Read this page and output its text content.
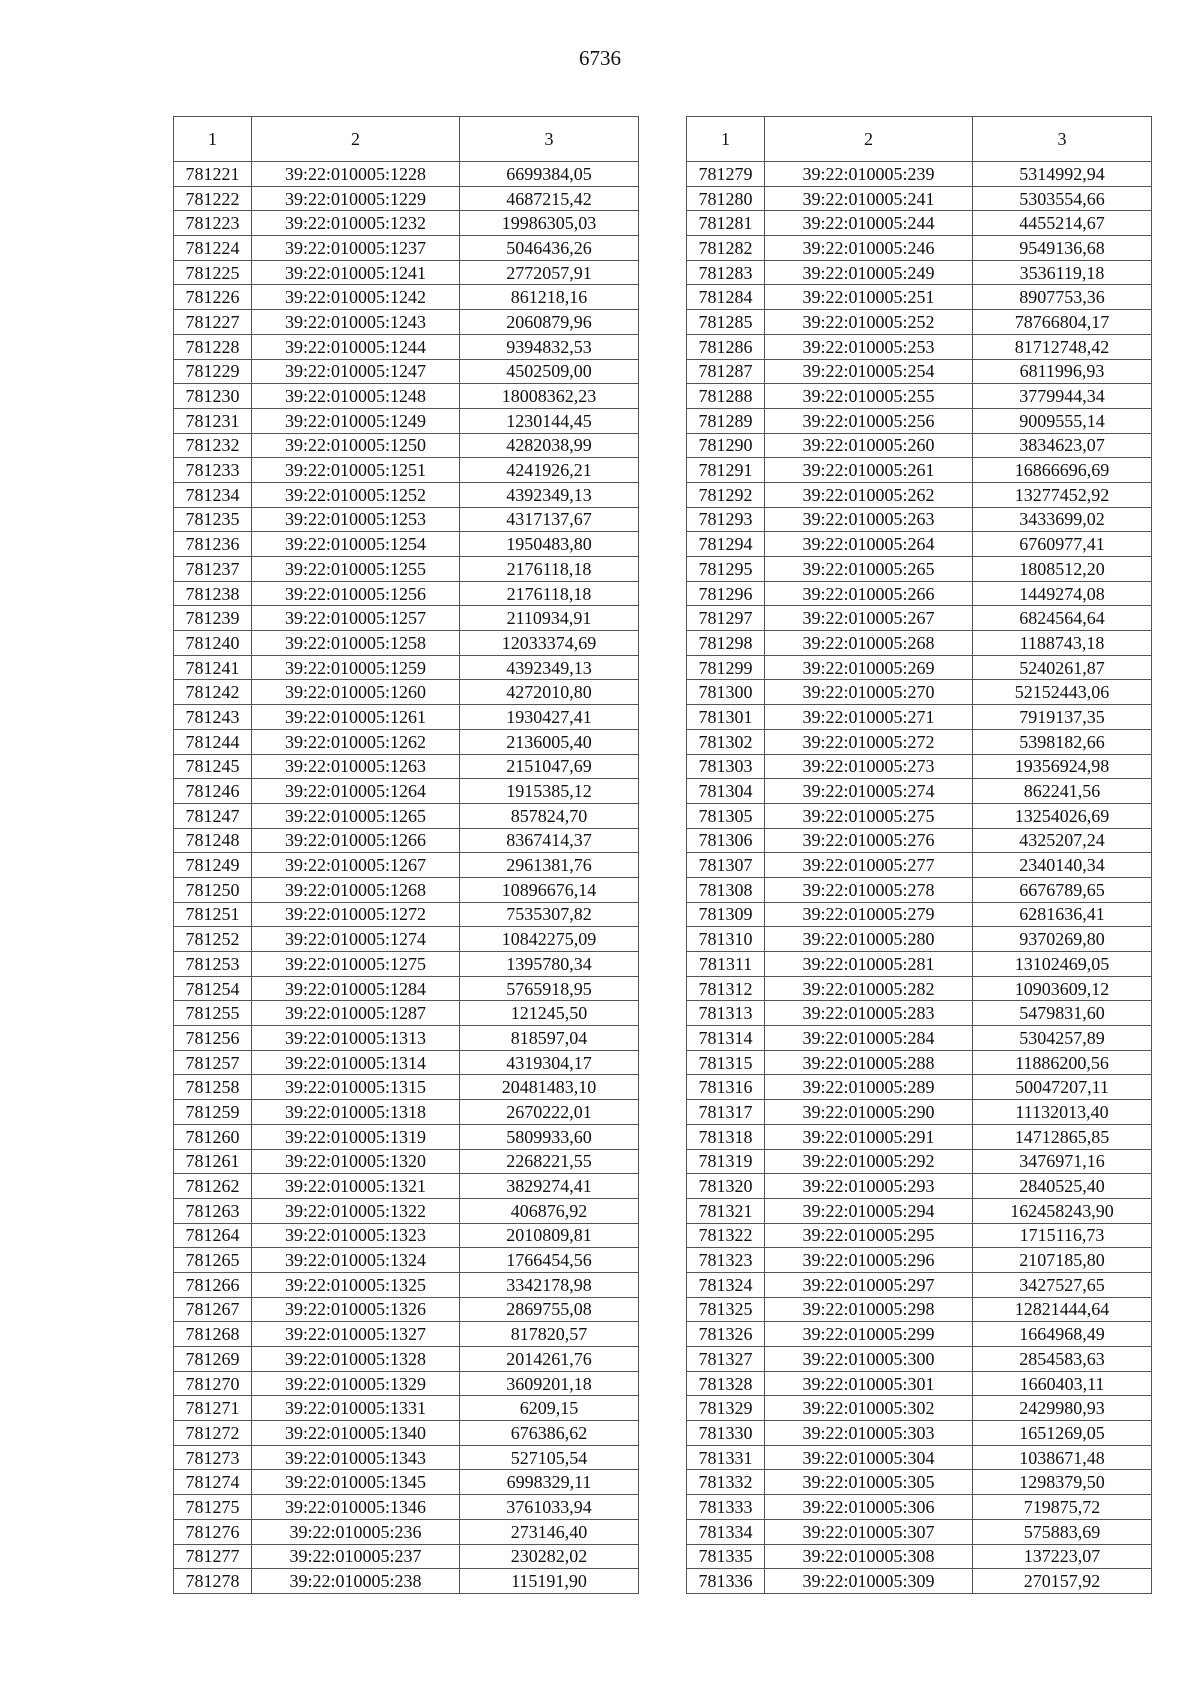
6736
1	2	3
781221	39:22:010005:1228	6699384,05
781222	39:22:010005:1229	4687215,42
781223	39:22:010005:1232	19986305,03
781224	39:22:010005:1237	5046436,26
781225	39:22:010005:1241	2772057,91
781226	39:22:010005:1242	861218,16
781227	39:22:010005:1243	2060879,96
781228	39:22:010005:1244	9394832,53
781229	39:22:010005:1247	4502509,00
781230	39:22:010005:1248	18008362,23
781231	39:22:010005:1249	1230144,45
781232	39:22:010005:1250	4282038,99
781233	39:22:010005:1251	4241926,21
781234	39:22:010005:1252	4392349,13
781235	39:22:010005:1253	4317137,67
781236	39:22:010005:1254	1950483,80
781237	39:22:010005:1255	2176118,18
781238	39:22:010005:1256	2176118,18
781239	39:22:010005:1257	2110934,91
781240	39:22:010005:1258	12033374,69
781241	39:22:010005:1259	4392349,13
781242	39:22:010005:1260	4272010,80
781243	39:22:010005:1261	1930427,41
781244	39:22:010005:1262	2136005,40
781245	39:22:010005:1263	2151047,69
781246	39:22:010005:1264	1915385,12
781247	39:22:010005:1265	857824,70
781248	39:22:010005:1266	8367414,37
781249	39:22:010005:1267	2961381,76
781250	39:22:010005:1268	10896676,14
781251	39:22:010005:1272	7535307,82
781252	39:22:010005:1274	10842275,09
781253	39:22:010005:1275	1395780,34
781254	39:22:010005:1284	5765918,95
781255	39:22:010005:1287	121245,50
781256	39:22:010005:1313	818597,04
781257	39:22:010005:1314	4319304,17
781258	39:22:010005:1315	20481483,10
781259	39:22:010005:1318	2670222,01
781260	39:22:010005:1319	5809933,60
781261	39:22:010005:1320	2268221,55
781262	39:22:010005:1321	3829274,41
781263	39:22:010005:1322	406876,92
781264	39:22:010005:1323	2010809,81
781265	39:22:010005:1324	1766454,56
781266	39:22:010005:1325	3342178,98
781267	39:22:010005:1326	2869755,08
781268	39:22:010005:1327	817820,57
781269	39:22:010005:1328	2014261,76
781270	39:22:010005:1329	3609201,18
781271	39:22:010005:1331	6209,15
781272	39:22:010005:1340	676386,62
781273	39:22:010005:1343	527105,54
781274	39:22:010005:1345	6998329,11
781275	39:22:010005:1346	3761033,94
781276	39:22:010005:236	273146,40
781277	39:22:010005:237	230282,02
781278	39:22:010005:238	115191,90
1	2	3
781279	39:22:010005:239	5314992,94
781280	39:22:010005:241	5303554,66
781281	39:22:010005:244	4455214,67
781282	39:22:010005:246	9549136,68
781283	39:22:010005:249	3536119,18
781284	39:22:010005:251	8907753,36
781285	39:22:010005:252	78766804,17
781286	39:22:010005:253	81712748,42
781287	39:22:010005:254	6811996,93
781288	39:22:010005:255	3779944,34
781289	39:22:010005:256	9009555,14
781290	39:22:010005:260	3834623,07
781291	39:22:010005:261	16866696,69
781292	39:22:010005:262	13277452,92
781293	39:22:010005:263	3433699,02
781294	39:22:010005:264	6760977,41
781295	39:22:010005:265	1808512,20
781296	39:22:010005:266	1449274,08
781297	39:22:010005:267	6824564,64
781298	39:22:010005:268	1188743,18
781299	39:22:010005:269	5240261,87
781300	39:22:010005:270	52152443,06
781301	39:22:010005:271	7919137,35
781302	39:22:010005:272	5398182,66
781303	39:22:010005:273	19356924,98
781304	39:22:010005:274	862241,56
781305	39:22:010005:275	13254026,69
781306	39:22:010005:276	4325207,24
781307	39:22:010005:277	2340140,34
781308	39:22:010005:278	6676789,65
781309	39:22:010005:279	6281636,41
781310	39:22:010005:280	9370269,80
781311	39:22:010005:281	13102469,05
781312	39:22:010005:282	10903609,12
781313	39:22:010005:283	5479831,60
781314	39:22:010005:284	5304257,89
781315	39:22:010005:288	11886200,56
781316	39:22:010005:289	50047207,11
781317	39:22:010005:290	11132013,40
781318	39:22:010005:291	14712865,85
781319	39:22:010005:292	3476971,16
781320	39:22:010005:293	2840525,40
781321	39:22:010005:294	162458243,90
781322	39:22:010005:295	1715116,73
781323	39:22:010005:296	2107185,80
781324	39:22:010005:297	3427527,65
781325	39:22:010005:298	12821444,64
781326	39:22:010005:299	1664968,49
781327	39:22:010005:300	2854583,63
781328	39:22:010005:301	1660403,11
781329	39:22:010005:302	2429980,93
781330	39:22:010005:303	1651269,05
781331	39:22:010005:304	1038671,48
781332	39:22:010005:305	1298379,50
781333	39:22:010005:306	719875,72
781334	39:22:010005:307	575883,69
781335	39:22:010005:308	137223,07
781336	39:22:010005:309	270157,92
